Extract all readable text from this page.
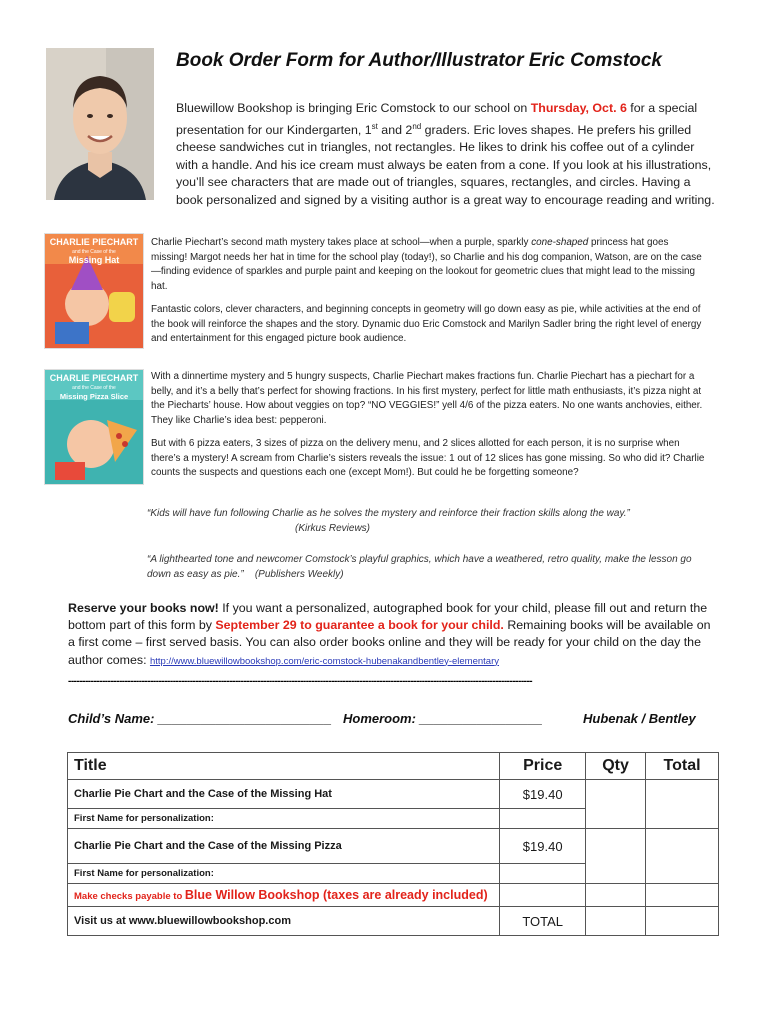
Book Order Form for Author/Illustrator Eric Comstock
Bluewillow Bookshop is bringing Eric Comstock to our school on Thursday, Oct. 6 for a special presentation for our Kindergarten, 1st and 2nd graders. Eric loves shapes. He prefers his grilled cheese sandwiches cut in triangles, not rectangles. He likes to drink his coffee out of a cylinder with a handle. And his ice cream must always be eaten from a cone. If you look at his illustrations, you’ll see characters that are made out of triangles, squares, rectangles, and circles. Having a book personalized and signed by a visiting author is a great way to encourage reading and writing.
CHARLIE PIECHART
and the Case of the
Missing Hat

Charlie Piechart’s second math mystery takes place at school—when a purple, sparkly cone-shaped princess hat goes missing! Margot needs her hat in time for the school play (today!), so Charlie and his dog companion, Watson, are on the case—finding evidence of sparkles and purple paint and keeping on the lookout for geometric clues that might lead to the missing hat.

Fantastic colors, clever characters, and beginning concepts in geometry will go down easy as pie, while activities at the end of the book will reinforce the shapes and the story. Dynamic duo Eric Comstock and Marilyn Sadler bring the right level of energy and entertainment for this engaged picture book audience.

CHARLIE PIECHART
and the Case of the
Missing Pizza Slice

With a dinnertime mystery and 5 hungry suspects, Charlie Piechart makes fractions fun. Charlie Piechart has a piechart for a belly, and it’s a belly that’s perfect for showing fractions. In his first mystery, perfect for little math enthusiasts, it’s pizza night at the Piecharts’ house. How about veggies on top? “NO VEGGIES!” yell 4/6 of the pizza eaters. No one wants anchovies, either. They like Charlie’s idea best: pepperoni.

But with 6 pizza eaters, 3 sizes of pizza on the delivery menu, and 2 slices allotted for each person, it is no surprise when there’s a mystery! A scream from Charlie’s sisters reveals the issue: 1 out of 12 slices has gone missing. So who did it? Charlie counts the suspects and questions each one (except Mom!). But could he be forgetting someone?

“Kids will have fun following Charlie as he solves the mystery and reinforce their fraction skills along the way.”
(Kirkus Reviews)
“A lighthearted tone and newcomer Comstock’s playful graphics, which have a weathered, retro quality, make the lesson go down as easy as pie.” (Publishers Weekly)
Reserve your books now! If you want a personalized, autographed book for your child, please fill out and return the bottom part of this form by September 29 to guarantee a book for your child. Remaining books will be available on a first come – first served basis. You can also order books online and they will be ready for your child on the day the author comes: http://www.bluewillowbookshop.com/eric-comstock-hubenakandbentley-elementary
--------------------------------------------------------------------------------------------------------------------------------------------------------------------
Child’s Name: ________________________ Homeroom: _________________	Hubenak / Bentley
Title	Price	Qty	Total
Charlie Pie Chart and the Case of the Missing Hat	$19.40		
First Name for personalization:			
Charlie Pie Chart and the Case of the Missing Pizza	$19.40		
First Name for personalization:			
Make checks payable to Blue Willow Bookshop (taxes are already included)			
Visit us at www.bluewillowbookshop.com	TOTAL		
